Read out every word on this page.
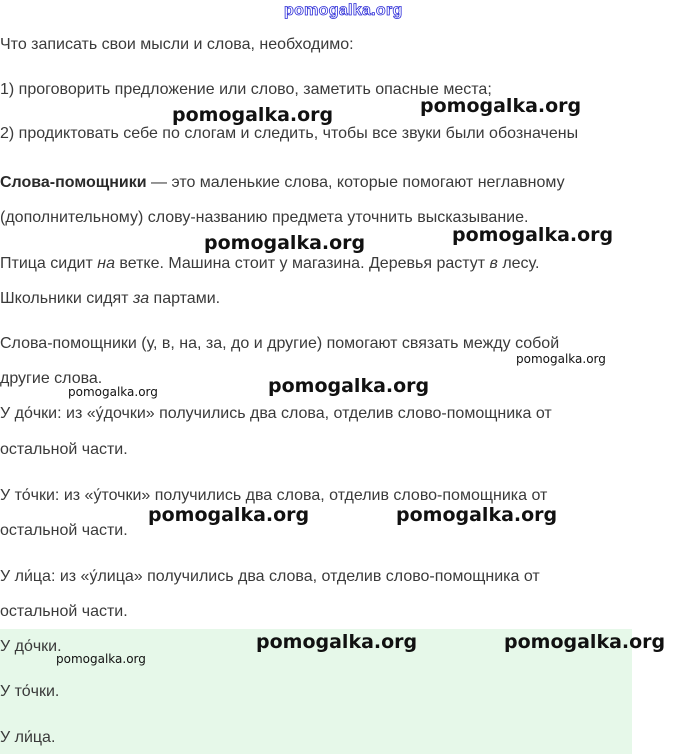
pomogalka.org
Что записать свои мысли и слова, необходимо:
1) проговорить предложение или слово, заметить опасные места;
2) продиктовать себе по слогам и следить, чтобы все звуки были обозначены
Слова-помощники — это маленькие слова, которые помогают неглавному
(дополнительному) слову-названию предмета уточнить высказывание.
Птица сидит на ветке. Машина стоит у магазина. Деревья растут в лесу.
Школьники сидят за партами.
Слова-помощники (у, в, на, за, до и другие) помогают связать между собой
другие слова.
У до́чки: из «у́дочки» получились два слова, отделив слово-помощника от
остальной части.
У то́чки: из «у́точки» получились два слова, отделив слово-помощника от
остальной части.
У ли́ца: из «у́лица» получились два слова, отделив слово-помощника от
остальной части.
У до́чки.
У то́чки.
У ли́ца.
pomogalka.org	pomogalka.org
pomogalka.org	pomogalka.org
pomogalka.org
pomogalka.org
pomogalka.org
pomogalka.org	pomogalka.org
pomogalka.org	pomogalka.org
pomogalka.org
